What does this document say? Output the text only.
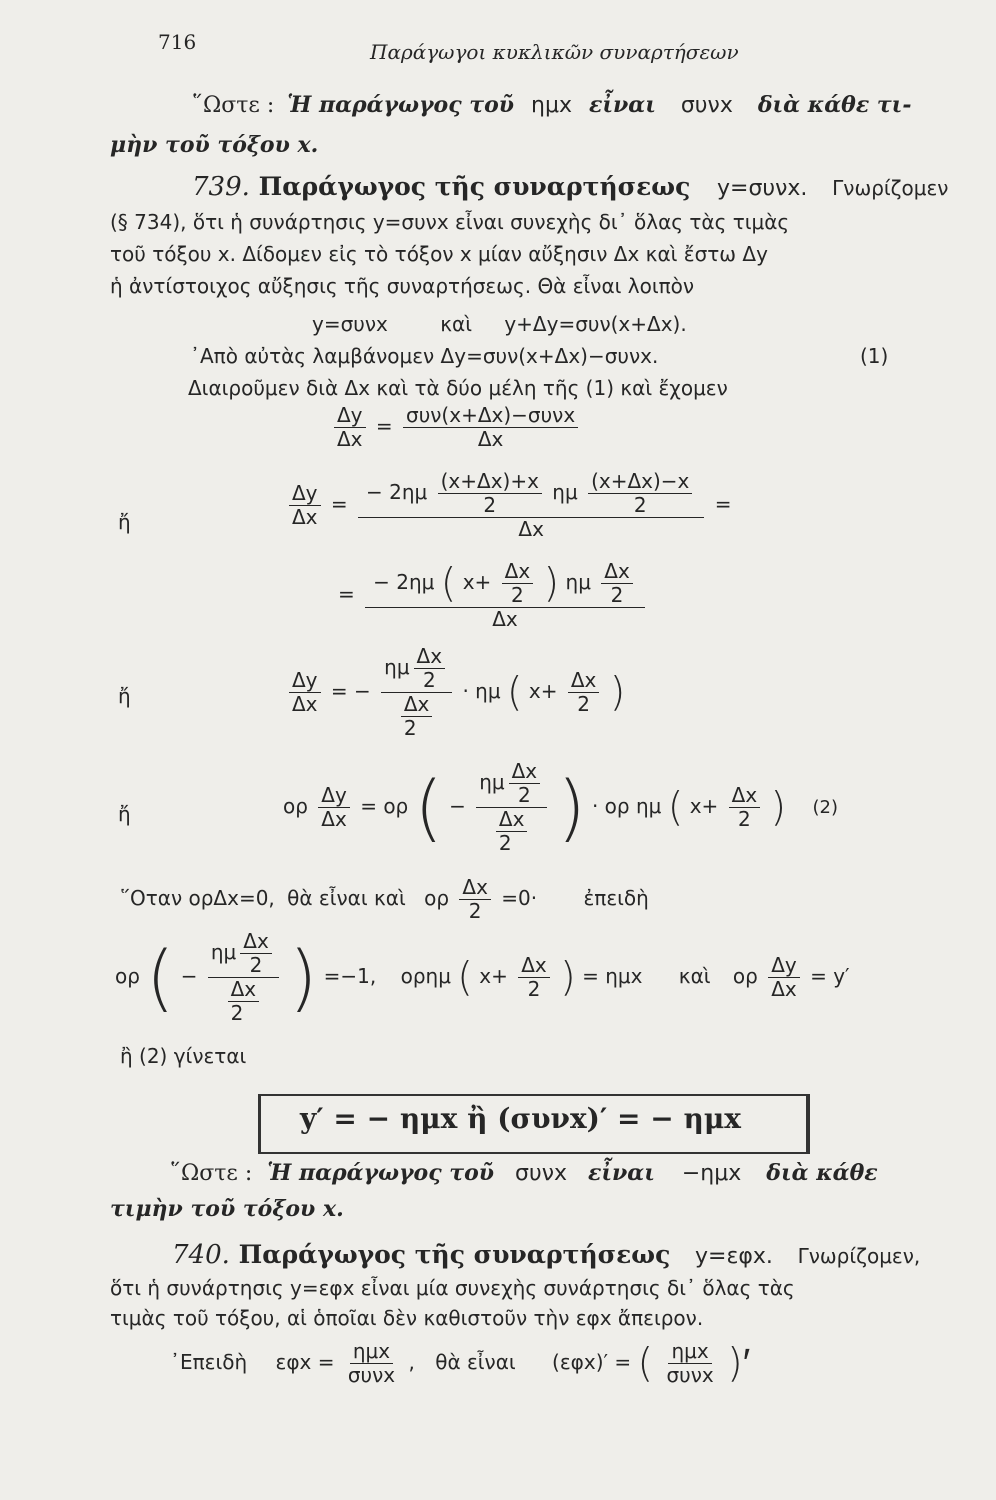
716	Παράγωγοι κυκλικῶν συναρτήσεων
῞Ωστε : Ἡ παράγωγος τοῦ ημx εἶναι συνx διὰ κάθε τι-
μὴν τοῦ τόξου x.
739. Παράγωγος τῆς συναρτήσεως y=συνx. Γνωρίζομεν
(§ 734), ὅτι ἡ συνάρτησις y=συνx εἶναι συνεχὴς δι᾽ ὅλας τὰς τιμὰς
τοῦ τόξου x. Δίδομεν εἰς τὸ τόξον x μίαν αὔξησιν Δx καὶ ἔστω Δy
ἡ ἀντίστοιχος αὔξησις τῆς συναρτήσεως. Θὰ εἶναι λοιπὸν
y=συνx	καὶ y+Δy=συν(x+Δx).
᾽Απὸ αὐτὰς λαμβάνομεν Δy=συν(x+Δx)−συνx.	(1)
Διαιροῦμεν διὰ Δx καὶ τὰ δύο μέλη τῆς (1) καὶ ἔχομεν
$\frac{\Delta y}{\Delta x} = \frac{\text{συν(x+Δx)−συνx}}{\Delta x}$
ἤ	$\frac{\Delta y}{\Delta x} = \frac{- 2\eta\mu \frac{(x+\Delta x)+x}{2} \eta\mu \frac{(x+\Delta x)-x}{2}}{\Delta x}$ =
= $\frac{- 2\eta\mu ( x+ \frac{\Delta x}{2} ) \eta\mu \frac{\Delta x}{2}}{\Delta x}$
ἤ	$\frac{\Delta y}{\Delta x}$ = − $\frac{\eta\mu \frac{\Delta x}{2}}{\frac{\Delta x}{2}} \cdot \eta\mu$ ( $x+ \frac{\Delta x}{2}$ )
ἤ	ορ $\frac{\Delta y}{\Delta x} = o\rho$ ( − $\frac{\eta\mu \frac{\Delta x}{2}}{\frac{\Delta x}{2}}$ ) · ορ ημ ( $x+ \frac{\Delta x}{2}$ ) (2)
῞Οταν ορΔx=0, θὰ εἶναι καὶ ορ $\frac{\Delta x}{2} =0\cdot$ ἐπειδὴ
ορ ( − $\frac{\eta\mu \frac{\Delta x}{2}}{\frac{\Delta x}{2}}$ ) =−1, ορημ ( $x+ \frac{\Delta x}{2}$ ) = ημx καὶ ορ $\frac{\Delta y}{\Delta x} = y'$
ἢ (2) γίνεται
y′ = − ημx ἢ (συνx)′ = − ημx
῞Ωστε : Ἡ παράγωγος τοῦ συνx εἶναι −ημx διὰ κάθε
τιμὴν τοῦ τόξου x.
740. Παράγωγος τῆς συναρτήσεως y=εφx. Γνωρίζομεν,
ὅτι ἡ συνάρτησις y=εφx εἶναι μία συνεχὴς συνάρτησις δι᾽ ὅλας τὰς
τιμὰς τοῦ τόξου, αἱ ὁποῖαι δὲν καθιστοῦν τὴν εφx ἄπειρον.
᾽Επειδὴ $\varepsilon\varphi x = \frac{\text{ημx}}{\text{συνx}}$ , θὰ εἶναι (εφx)′ = ( $\frac{\text{ημx}}{\text{συνx}}$ )′
